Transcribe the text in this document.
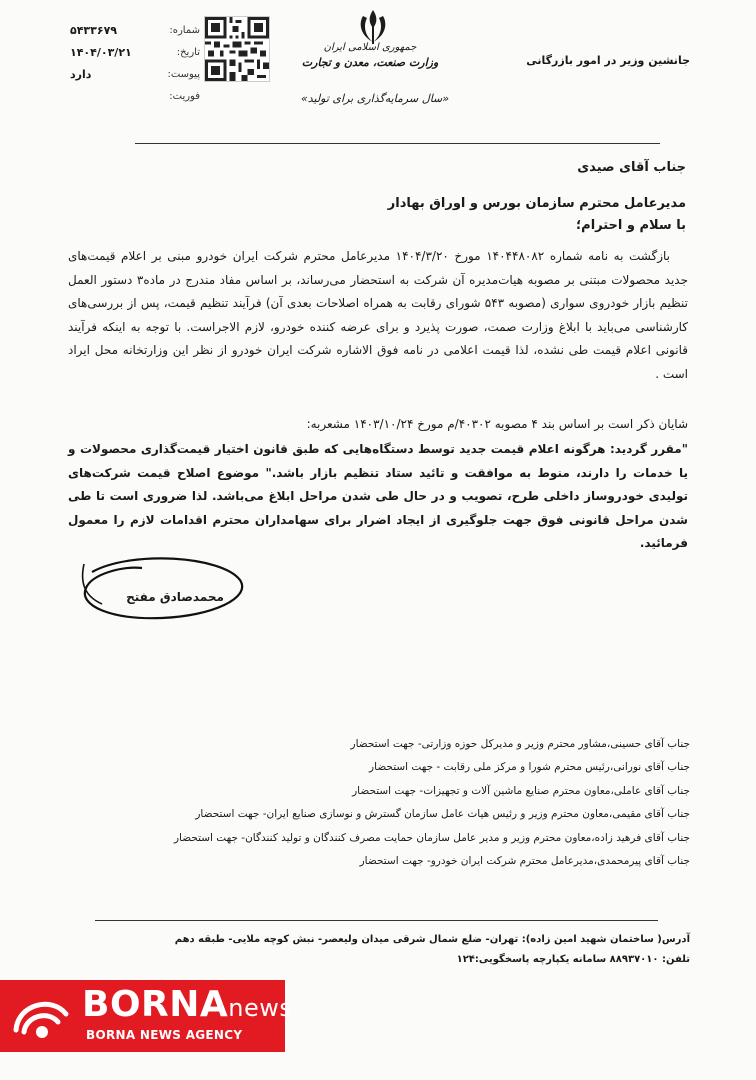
شماره:
۵۴۳۳۶۷۹
تاریخ:
۱۴۰۴/۰۳/۲۱
پیوست:
دارد
فوریت:
جمهوری اسلامی ایران
وزارت صنعت، معدن و تجارت
«سال سرمایه‌گذاری برای تولید»
جانشین وزیر در امور بازرگانی
جناب آقای صیدی
مدیرعامل محترم سازمان بورس و اوراق بهادار
با سلام و احترام؛
بازگشت به نامه شماره ۱۴۰۴۴۸۰۸۲ مورخ ۱۴۰۴/۳/۲۰ مدیرعامل محترم شرکت ایران خودرو مبنی بر اعلام قیمت‌های جدید محصولات مبتنی بر مصوبه هیات‌مدیره آن شرکت به استحضار می‌رساند، بر اساس مفاد مندرج در ماده۳ دستور العمل تنظیم بازار خودروی سواری (مصوبه ۵۴۳ شورای رقابت به همراه اصلاحات بعدی آن) فرآیند تنظیم قیمت، پس از بررسی‌های کارشناسی می‌باید با ابلاغ وزارت صمت، صورت پذیرد و برای عرضه کننده خودرو، لازم الاجراست. با توجه به اینکه فرآیند قانونی اعلام قیمت طی نشده، لذا قیمت اعلامی در نامه فوق الاشاره شرکت ایران خودرو از نظر این وزارتخانه محل ایراد است .
شایان ذکر است بر اساس بند ۴ مصوبه ۴۰۳۰۲/م مورخ ۱۴۰۳/۱۰/۲۴ مشعربه:
"مقرر گردید: هرگونه اعلام قیمت جدید توسط دستگاه‌هایی که طبق قانون اختیار قیمت‌گذاری محصولات و یا خدمات را دارند، منوط به موافقت و تائید ستاد تنظیم بازار باشد." موضوع اصلاح قیمت شرکت‌های تولیدی خودروساز داخلی طرح، تصویب و در حال طی شدن مراحل ابلاغ می‌باشد. لذا ضروری است تا طی شدن مراحل قانونی فوق جهت جلوگیری از ایجاد اضرار برای سهامداران محترم اقدامات لازم را معمول فرمائید.
محمدصادق مفتح
جناب آقای حسینی،مشاور محترم وزیر و مدیرکل حوزه وزارتی- جهت استحضار
جناب آقای نورانی،رئیس محترم شورا و مرکز ملی رقابت - جهت استحضار
جناب آقای عاملی،معاون محترم صنایع ماشین آلات و تجهیزات- جهت استحضار
جناب آقای مقیمی،معاون محترم وزیر و رئیس هیات عامل سازمان گسترش و نوسازی صنایع ایران- جهت استحضار
جناب آقای فرهید زاده،معاون محترم وزیر و مدیر عامل سازمان حمایت مصرف کنندگان و تولید کنندگان- جهت استحضار
جناب آقای پیرمحمدی،مدیرعامل محترم شرکت ایران خودرو- جهت استحضار
آدرس( ساختمان شهید امین زاده): تهران- ضلع شمال شرقی میدان ولیعصر- نبش کوچه ملایی- طبقه دهم
تلفن: ۸۸۹۳۷۰۱۰ سامانه یکپارچه پاسخگویی:۱۲۴
BORNAnews
BORNA NEWS AGENCY
